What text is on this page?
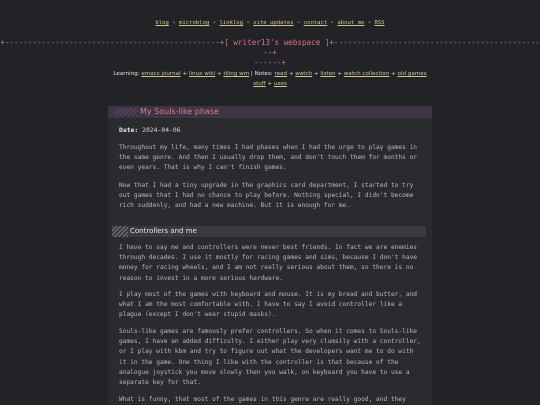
blog • microblog • linklog • site updates • contact • about me • RSS
+-----------------------------------------------+[ writer13's webspace ]+-----------------------------------------------+
------+
Learning: emacs journal + linux wiki + tiling wm | Notes: read + watch + listen + watch collection + old games stuff + uses
My Souls-like phase
Date: 2024-04-06

Throughout my life, many times I had phases when I had the urge to play games in the same genre. And then I usually drop them, and don't touch them for months or even years. That is why I can't finish games.

Now that I had a tiny upgrade in the graphics card department, I started to try out games that I had no chance to play before. Nothing special, I didn't become rich suddenly, and had a new machine. But it is enough for me.

Controllers and me

I have to say me and controllers were never best friends. In fact we are enemies through decades. I use it mostly for racing games and sims, because I don't have money for racing wheels, and I am not really serious about them, so there is no reason to invest in a more serious hardware.

I play most of the games with keyboard and mouse. It is my bread and butter, and what I am the most comfortable with. I have to say I avoid controller like a plague (except I don't wear stupid masks).

Souls-like games are famously prefer controllers. So when it comes to Souls-like games, I have an added difficulty. I either play very clumsily with a controller, or I play with kbm and try to figure out what the developers want me to do with it in the game. One thing I like with the controller is that because of the analogue joystick you move slowly then you walk, on keyboard you have to use a separate key for that.

What is funny, that most of the games in this genre are really good, and they
